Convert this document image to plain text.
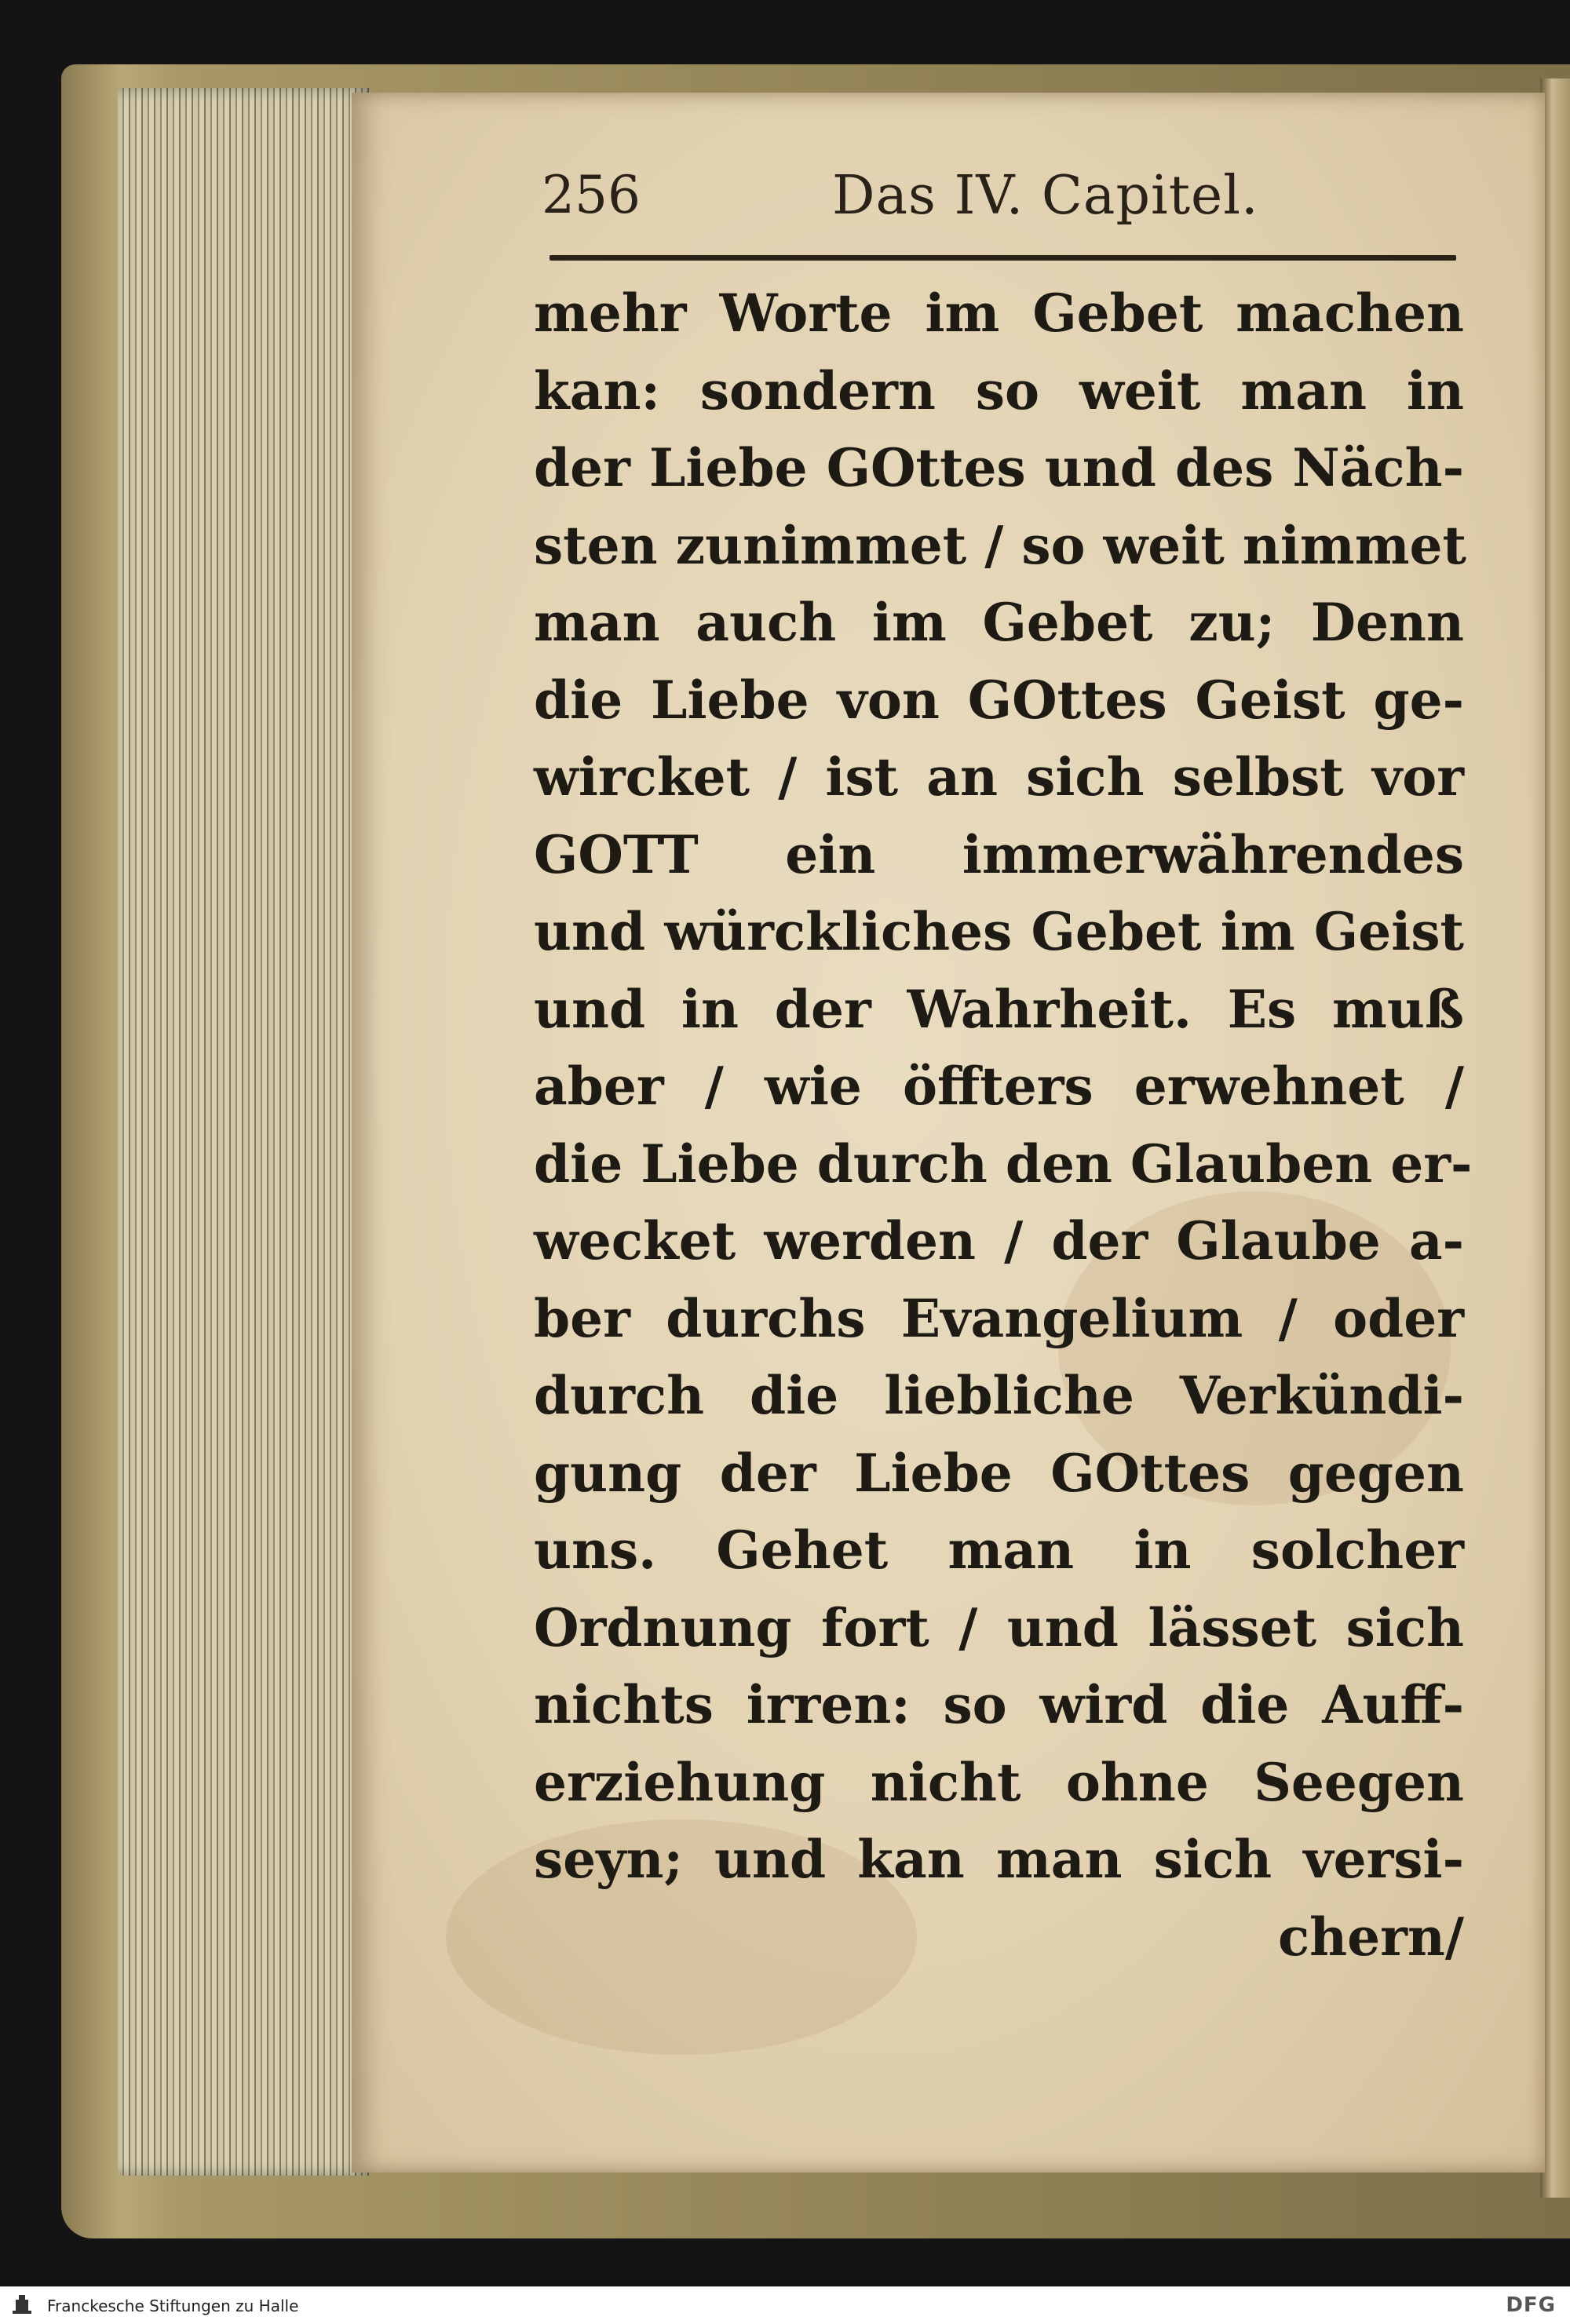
256	Das IV. Capitel.
mehr Worte im Gebet machen
kan: sondern so weit man in
der Liebe GOttes und des Näch-
sten zunimmet / so weit nimmet
man auch im Gebet zu; Denn
die Liebe von GOttes Geist ge-
wircket / ist an sich selbst vor
GOTT ein immerwährendes
und würckliches Gebet im Geist
und in der Wahrheit. Es muß
aber / wie öffters erwehnet /
die Liebe durch den Glauben er-
wecket werden / der Glaube a-
ber durchs Evangelium / oder
durch die liebliche Verkündi-
gung der Liebe GOttes gegen
uns. Gehet man in solcher
Ordnung fort / und lässet sich
nichts irren: so wird die Auff-
erziehung nicht ohne Seegen
seyn; und kan man sich versi-
chern/
Franckesche Stiftungen zu Halle	DFG
